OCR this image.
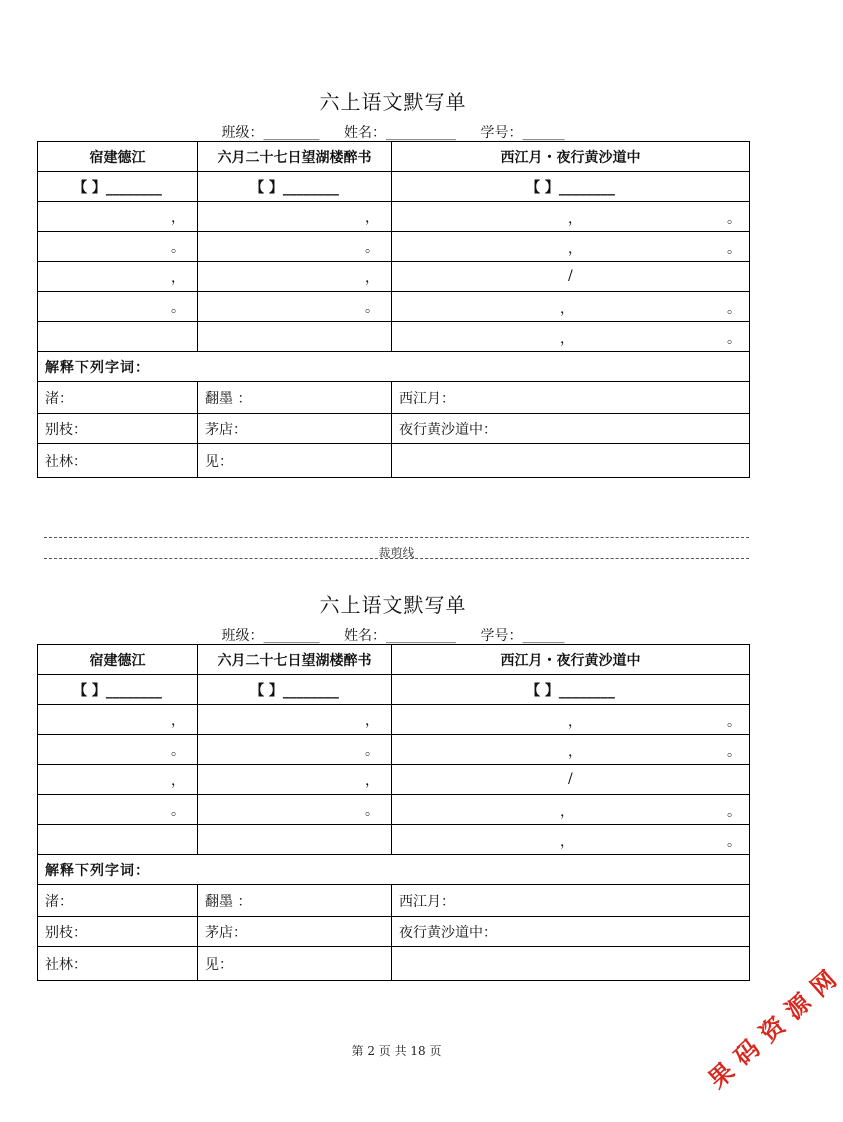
六上语文默写单
班级：________ 姓名：__________ 学号：______
宿建德江	六月二十七日望湖楼醉书	西江月・夜行黄沙道中
【 】________	【 】________	【 】________
，	，	， 。

。	。	， 。

，	，	/

。	。	， 。

		， 。

解释下列字词：		
渚：	翻墨 ：	西江月：
别枝：	茅店：	夜行黄沙道中：
社林：	见：	
裁剪线
六上语文默写单
班级：________ 姓名：__________ 学号：______
宿建德江	六月二十七日望湖楼醉书	西江月・夜行黄沙道中
【 】________	【 】________	【 】________
，	，	， 。

。	。	， 。

，	，	/

。	。	， 。

		， 。

解释下列字词：		
渚：	翻墨 ：	西江月：
别枝：	茅店：	夜行黄沙道中：
社林：	见：	
第 2 页 共 18 页	果 码 资 源 网
